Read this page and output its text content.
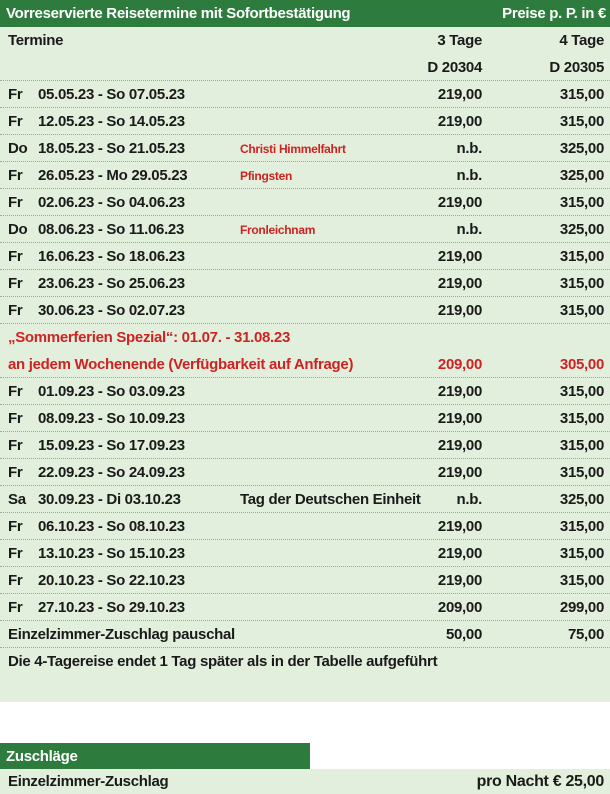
Vorreservierte Reisetermine mit Sofortbestätigung	Preise p. P. in €
Termine	3 Tage	4 Tage
D 20304	D 20305
Fr 05.05.23 - So 07.05.23	219,00	315,00
Fr 12.05.23 - So 14.05.23	219,00	315,00
Do 18.05.23 - So 21.05.23	Christi Himmelfahrt	n.b.	325,00
Fr 26.05.23 - Mo 29.05.23	Pfingsten	n.b.	325,00
Fr 02.06.23 - So 04.06.23	219,00	315,00
Do 08.06.23 - So 11.06.23	Fronleichnam	n.b.	325,00
Fr 16.06.23 - So 18.06.23	219,00	315,00
Fr 23.06.23 - So 25.06.23	219,00	315,00
Fr 30.06.23 - So 02.07.23	219,00	315,00
„Sommerferien Spezial“: 01.07. - 31.08.23
an jedem Wochenende (Verfügbarkeit auf Anfrage)	209,00	305,00
Fr 01.09.23 - So 03.09.23	219,00	315,00
Fr 08.09.23 - So 10.09.23	219,00	315,00
Fr 15.09.23 - So 17.09.23	219,00	315,00
Fr 22.09.23 - So 24.09.23	219,00	315,00
Sa 30.09.23 - Di 03.10.23	Tag der Deutschen Einheit n.b.	325,00
Fr 06.10.23 - So 08.10.23	219,00	315,00
Fr 13.10.23 - So 15.10.23	219,00	315,00
Fr 20.10.23 - So 22.10.23	219,00	315,00
Fr 27.10.23 - So 29.10.23	209,00	299,00
Einzelzimmer-Zuschlag pauschal	50,00	75,00
Die 4-Tagereise endet 1 Tag später als in der Tabelle aufgeführt
Zuschläge
Einzelzimmer-Zuschlag	pro Nacht € 25,00
